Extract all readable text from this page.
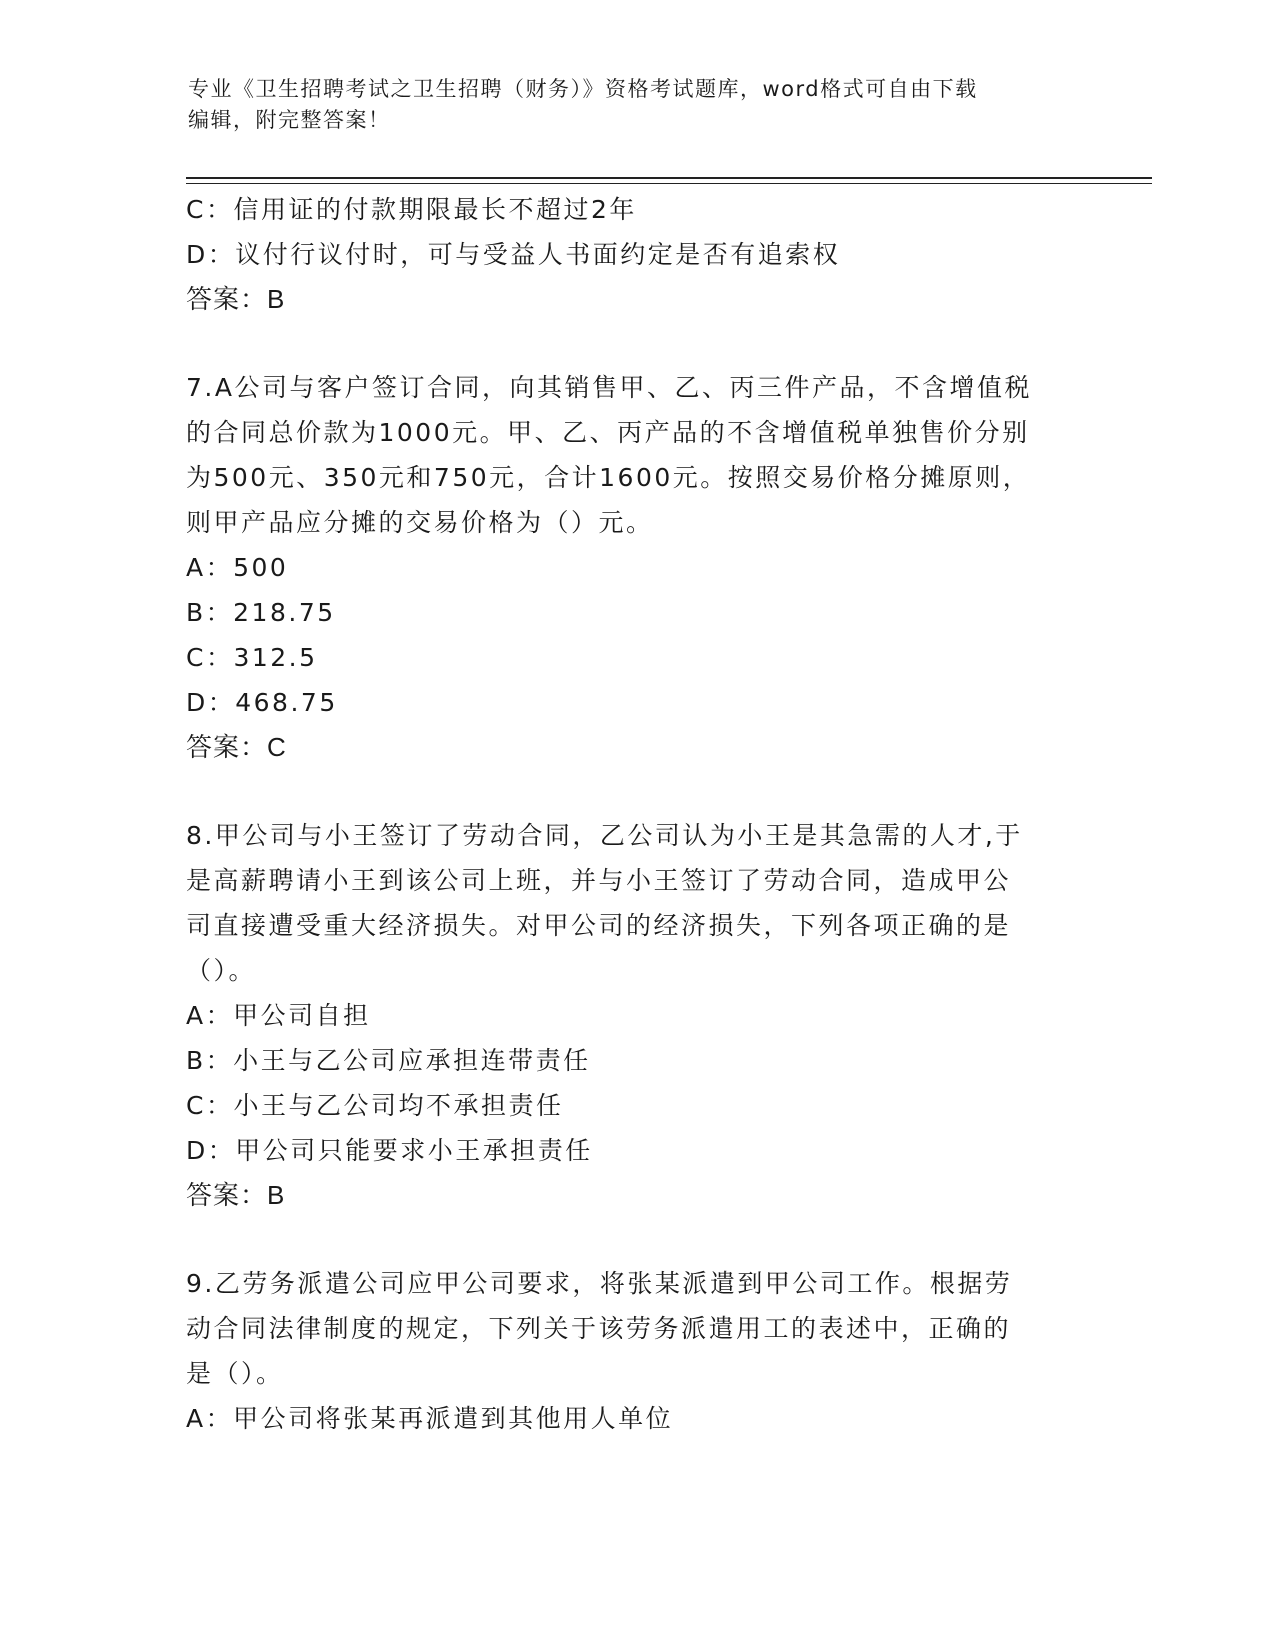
专业《卫生招聘考试之卫生招聘（财务）》资格考试题库，word格式可自由下载
编辑，附完整答案！
C：信用证的付款期限最长不超过2年
D：议付行议付时，可与受益人书面约定是否有追索权
答案：B
7.A公司与客户签订合同，向其销售甲、乙、丙三件产品，不含增值税
的合同总价款为1000元。甲、乙、丙产品的不含增值税单独售价分别
为500元、350元和750元，合计1600元。按照交易价格分摊原则，
则甲产品应分摊的交易价格为（）元。
A：500
B：218.75
C：312.5
D：468.75
答案：C
8.甲公司与小王签订了劳动合同，乙公司认为小王是其急需的人才,于
是高薪聘请小王到该公司上班，并与小王签订了劳动合同，造成甲公
司直接遭受重大经济损失。对甲公司的经济损失，下列各项正确的是
（）。
A：甲公司自担
B：小王与乙公司应承担连带责任
C：小王与乙公司均不承担责任
D：甲公司只能要求小王承担责任
答案：B
9.乙劳务派遣公司应甲公司要求，将张某派遣到甲公司工作。根据劳
动合同法律制度的规定，下列关于该劳务派遣用工的表述中，正确的
是（）。
A：甲公司将张某再派遣到其他用人单位
